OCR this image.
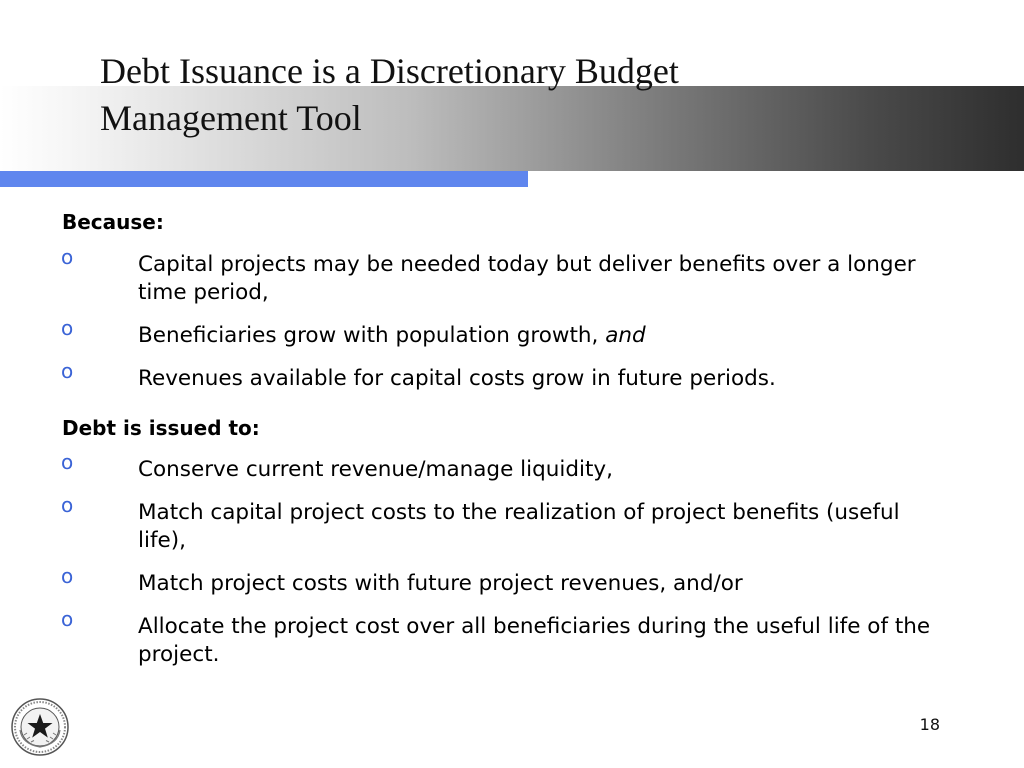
Debt Issuance is a Discretionary Budget
Management Tool
Because:
o	Capital projects may be needed today but deliver benefits over a longer time period,
o	Beneficiaries grow with population growth, and
o	Revenues available for capital costs grow in future periods.
Debt is issued to:
o	Conserve current revenue/manage liquidity,
o	Match capital project costs to the realization of project benefits (useful life),
o	Match project costs with future project revenues, and/or
o	Allocate the project cost over all beneficiaries during the useful life of the project.
18
